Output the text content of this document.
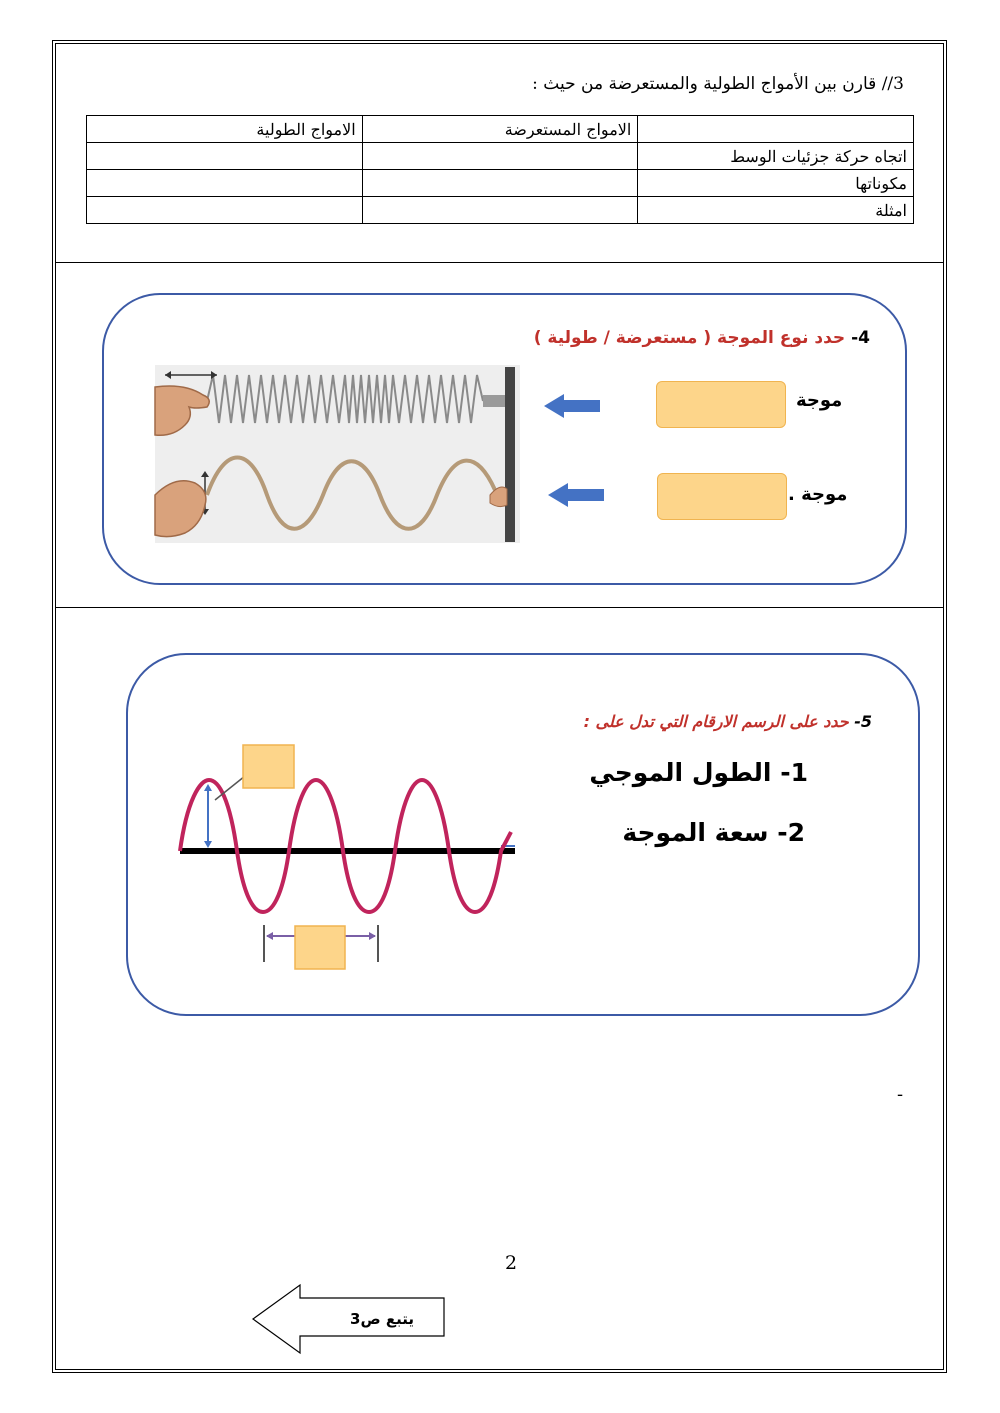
3// قارن بين الأمواج الطولية والمستعرضة من حيث :
	الامواج المستعرضة	الامواج الطولية
اتجاه حركة جزئيات الوسط		
مكوناتها		
امثلة		
4- حدد نوع الموجة ( مستعرضة / طولية )
موجة
موجة .
5- حدد على الرسم الارقام التي تدل على :
1- الطول الموجي
2- سعة الموجة
-
2
يتبع ص3
